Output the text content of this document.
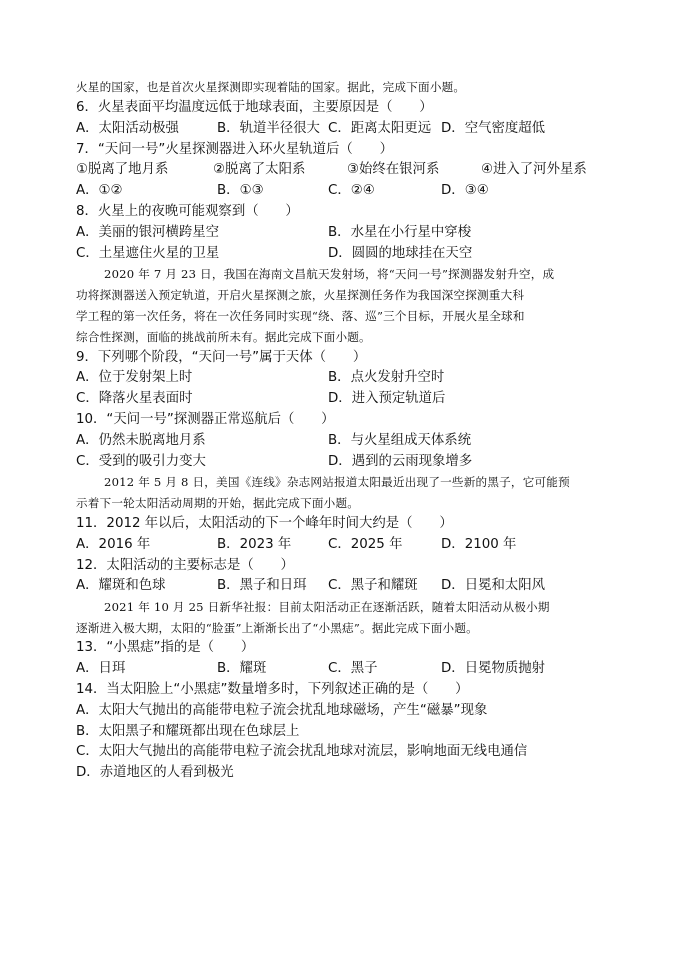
火星的国家，也是首次火星探测即实现着陆的国家。据此，完成下面小题。
6．火星表面平均温度远低于地球表面，主要原因是（　　）
A．太阳活动极强	B．轨道半径很大 C．距离太阳更远 D．空气密度超低
7．“天问一号”火星探测器进入环火星轨道后（　　）
①脱离了地月系	②脱离了太阳系	③始终在银河系	④进入了河外星系
A．①②	B．①③	C．②④	D．③④
8．火星上的夜晚可能观察到（　　）
A．美丽的银河横跨星空	B．水星在小行星中穿梭
C．土星遮住火星的卫星	D．圆圆的地球挂在天空
2020 年 7 月 23 日，我国在海南文昌航天发射场，将“天问一号”探测器发射升空，成
功将探测器送入预定轨道，开启火星探测之旅，火星探测任务作为我国深空探测重大科
学工程的第一次任务，将在一次任务同时实现“绕、落、巡”三个目标，开展火星全球和
综合性探测，面临的挑战前所未有。据此完成下面小题。
9．下列哪个阶段，“天问一号”属于天体（　　）
A．位于发射架上时	B．点火发射升空时
C．降落火星表面时	D．进入预定轨道后
10．“天问一号”探测器正常巡航后（　　）
A．仍然未脱离地月系	B．与火星组成天体系统
C．受到的吸引力变大	D．遇到的云雨现象增多
2012 年 5 月 8 日，美国《连线》杂志网站报道太阳最近出现了一些新的黑子，它可能预
示着下一轮太阳活动周期的开始，据此完成下面小题。
11．2012 年以后，太阳活动的下一个峰年时间大约是（　　）
A．2016 年	B．2023 年	C．2025 年	D．2100 年
12．太阳活动的主要标志是（　　）
A．耀斑和色球	B．黑子和日珥 C．黑子和耀斑 D．日冕和太阳风
2021 年 10 月 25 日新华社报：目前太阳活动正在逐渐活跃，随着太阳活动从极小期
逐渐进入极大期，太阳的“脸蛋”上渐渐长出了“小黑痣”。据此完成下面小题。
13．“小黑痣”指的是（　　）
A．日珥	B．耀斑	C．黑子	D．日冕物质抛射
14．当太阳脸上“小黑痣”数量增多时，下列叙述正确的是（　　）
A．太阳大气抛出的高能带电粒子流会扰乱地球磁场，产生“磁暴”现象
B．太阳黑子和耀斑都出现在色球层上
C．太阳大气抛出的高能带电粒子流会扰乱地球对流层，影响地面无线电通信
D．赤道地区的人看到极光
